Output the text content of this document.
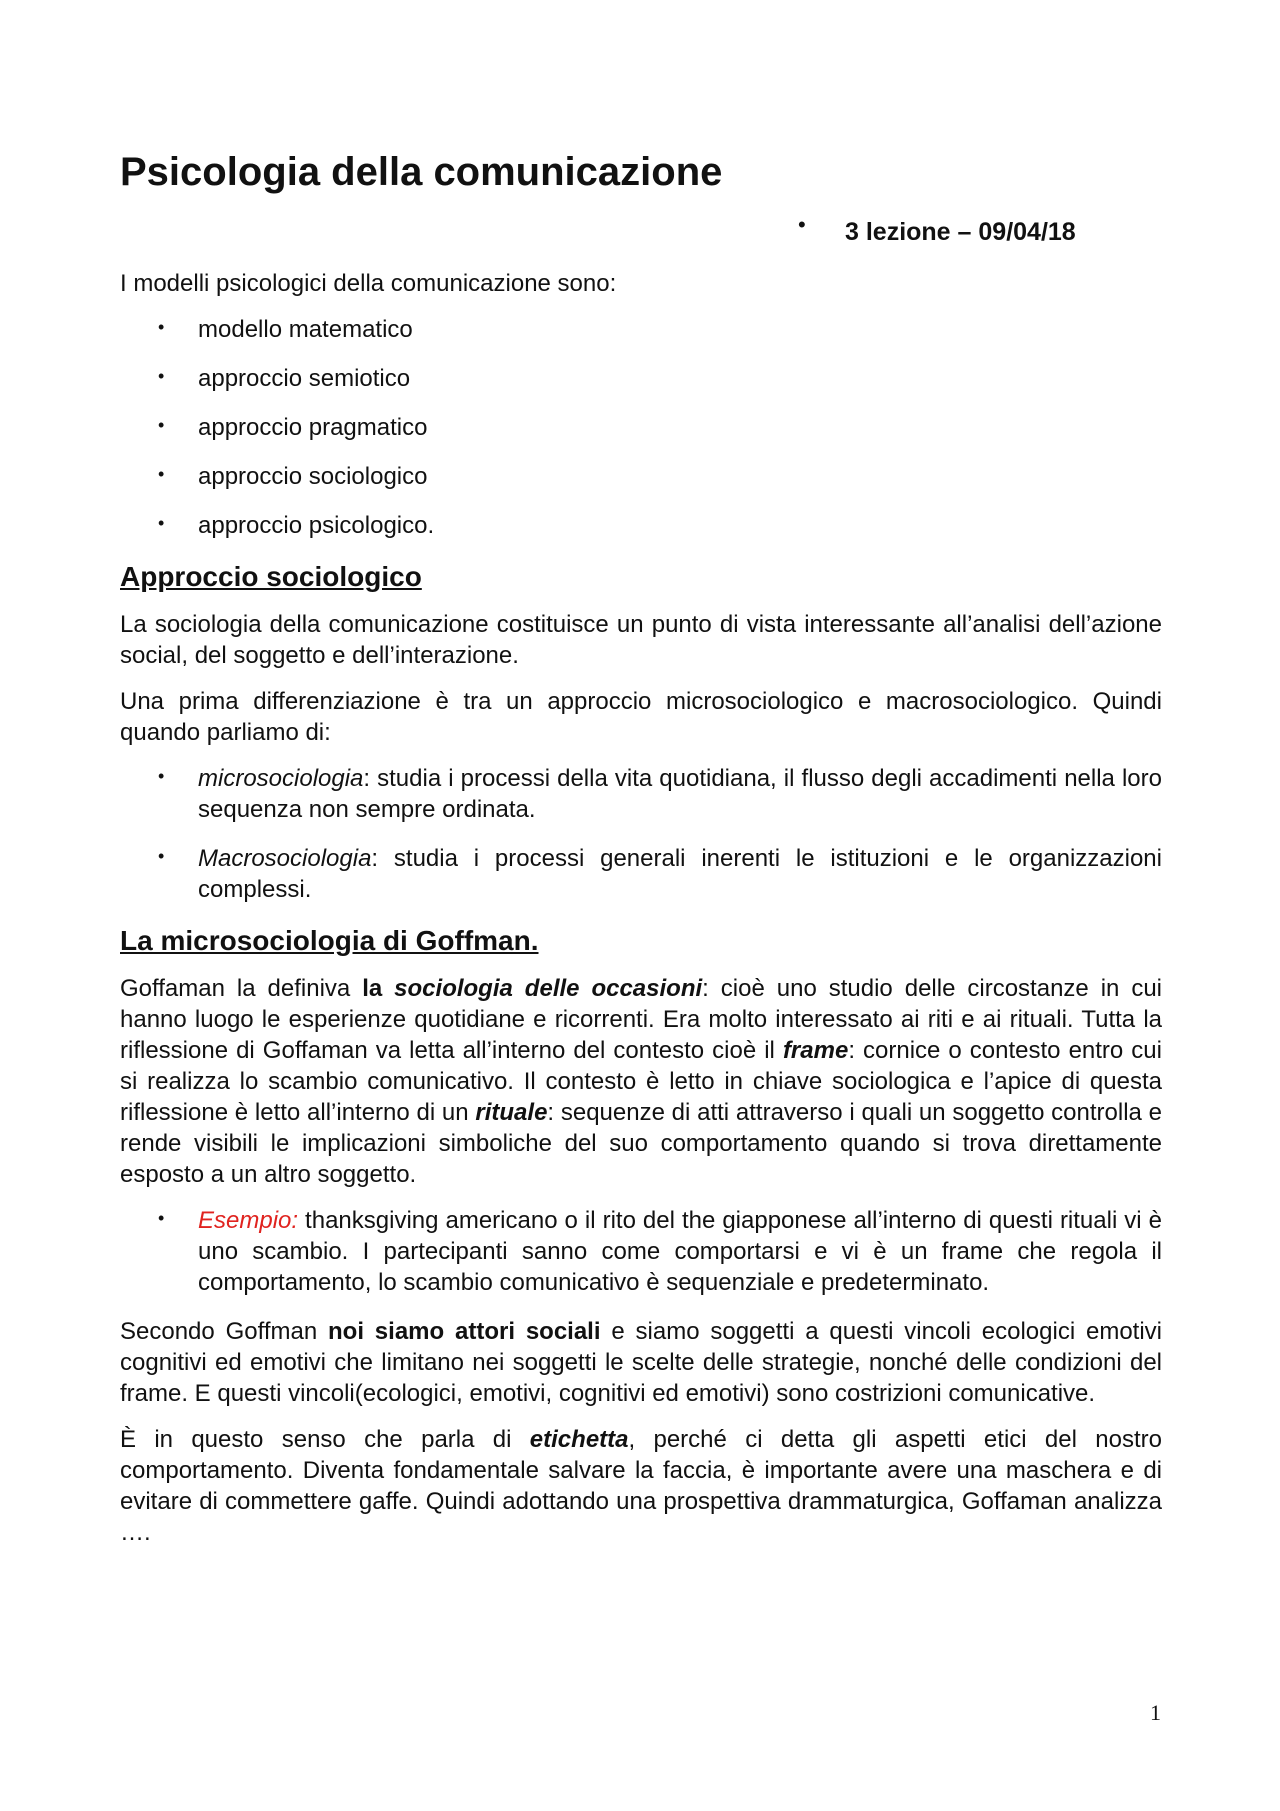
Psicologia della comunicazione
• 3 lezione – 09/04/18

I modelli psicologici della comunicazione sono:

• modello matematico
• approccio semiotico
• approccio pragmatico
• approccio sociologico
• approccio psicologico.
Approccio sociologico

La sociologia della comunicazione costituisce un punto di vista interessante all’analisi dell’azione social, del soggetto e dell’interazione.

Una prima differenziazione è tra un approccio microsociologico e macrosociologico. Quindi quando parliamo di:

• microsociologia: studia i processi della vita quotidiana, il flusso degli accadimenti nella loro sequenza non sempre ordinata.
• Macrosociologia: studia i processi generali inerenti le istituzioni e le organizzazioni complessi.
La microsociologia di Goffman.

Goffaman la definiva la sociologia delle occasioni: cioè uno studio delle circostanze in cui hanno luogo le esperienze quotidiane e ricorrenti. Era molto interessato ai riti e ai rituali. Tutta la riflessione di Goffaman va letta all’interno del contesto cioè il frame: cornice o contesto entro cui si realizza lo scambio comunicativo. Il contesto è letto in chiave sociologica e l’apice di questa riflessione è letto all’interno di un rituale: sequenze di atti attraverso i quali un soggetto controlla e rende visibili le implicazioni simboliche del suo comportamento quando si trova direttamente esposto a un altro soggetto.

• Esempio: thanksgiving americano o il rito del the giapponese all’interno di questi rituali vi è uno scambio. I partecipanti sanno come comportarsi e vi è un frame che regola il comportamento, lo scambio comunicativo è sequenziale e predeterminato.

Secondo Goffman noi siamo attori sociali e siamo soggetti a questi vincoli ecologici emotivi cognitivi ed emotivi che limitano nei soggetti le scelte delle strategie, nonché delle condizioni del frame. E questi vincoli(ecologici, emotivi, cognitivi ed emotivi) sono costrizioni comunicative.

È in questo senso che parla di etichetta, perché ci detta gli aspetti etici del nostro comportamento. Diventa fondamentale salvare la faccia, è importante avere una maschera e di evitare di commettere gaffe. Quindi adottando una prospettiva drammaturgica, Goffaman analizza ….

1
